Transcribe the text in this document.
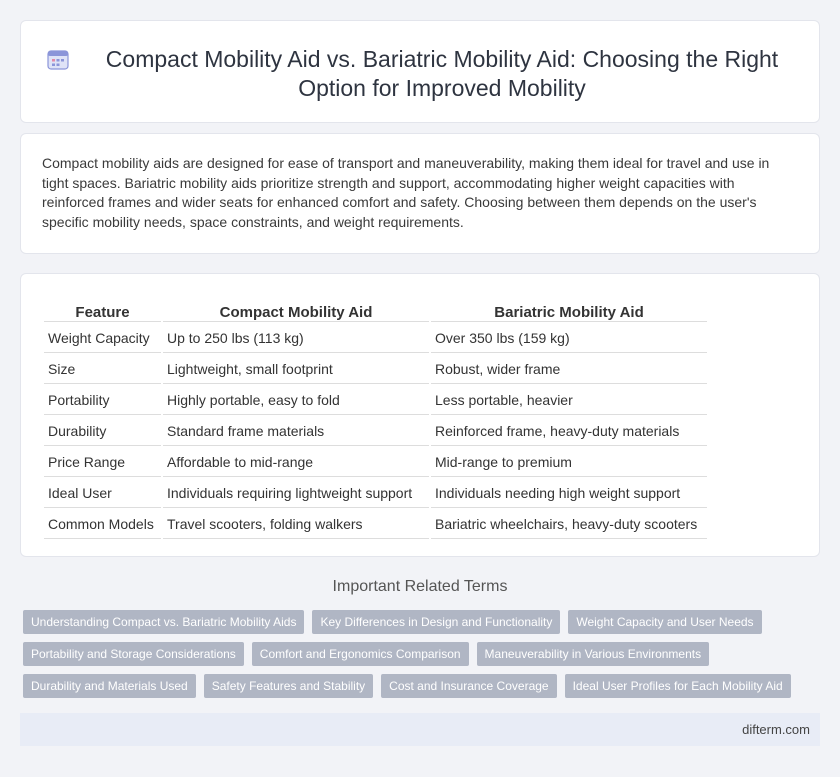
Compact Mobility Aid vs. Bariatric Mobility Aid: Choosing the Right Option for Improved Mobility

Compact mobility aids are designed for ease of transport and maneuverability, making them ideal for travel and use in tight spaces. Bariatric mobility aids prioritize strength and support, accommodating higher weight capacities with reinforced frames and wider seats for enhanced comfort and safety. Choosing between them depends on the user's specific mobility needs, space constraints, and weight requirements.

Feature	Compact Mobility Aid	Bariatric Mobility Aid
Weight Capacity	Up to 250 lbs (113 kg)	Over 350 lbs (159 kg)
Size	Lightweight, small footprint	Robust, wider frame
Portability	Highly portable, easy to fold	Less portable, heavier
Durability	Standard frame materials	Reinforced frame, heavy-duty materials
Price Range	Affordable to mid-range	Mid-range to premium
Ideal User	Individuals requiring lightweight support	Individuals needing high weight support
Common Models	Travel scooters, folding walkers	Bariatric wheelchairs, heavy-duty scooters
Important Related Terms
Understanding Compact vs. Bariatric Mobility Aids	Key Differences in Design and Functionality	Weight Capacity and User Needs
Portability and Storage Considerations	Comfort and Ergonomics Comparison	Maneuverability in Various Environments
Durability and Materials Used	Safety Features and Stability	Cost and Insurance Coverage	Ideal User Profiles for Each Mobility Aid
difterm.com
